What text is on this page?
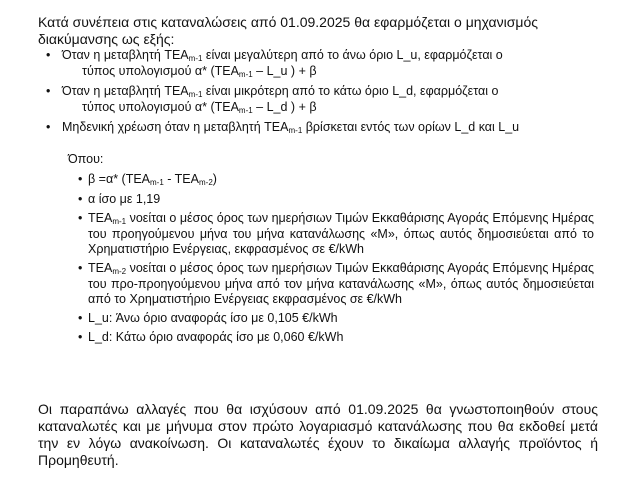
Κατά συνέπεια στις καταναλώσεις από 01.09.2025 θα εφαρμόζεται ο μηχανισμός διακύμανσης ως εξής:

• Όταν η μεταβλητή $TEA_{m-1}$ είναι μεγαλύτερη από το άνω όριο L_u, εφαρμόζεται ο
τύπος υπολογισμού α* ($TEA_{m-1}$ – L_u ) + β
• Όταν η μεταβλητή $TEA_{m-1}$ είναι μικρότερη από το κάτω όριο L_d, εφαρμόζεται ο
τύπος υπολογισμού α* ($TEA_{m-1}$ – L_d ) + β
• Μηδενική χρέωση όταν η μεταβλητή $TEA_{m-1}$ βρίσκεται εντός των ορίων L_d και L_u

Όπου:

• β =α* $(TEA_{m-1} - TEA_{m-2})$
• α ίσο με 1,19
• $TEA_{m-1}$ νοείται ο μέσος όρος των ημερήσιων Τιμών Εκκαθάρισης Αγοράς Επόμενης Ημέρας του προηγούμενου μήνα του μήνα κατανάλωσης «Μ», όπως αυτός δημοσιεύεται από το Χρηματιστήριο Ενέργειας, εκφρασμένος σε €/kWh
• $TEA_{m-2}$ νοείται ο μέσος όρος των ημερήσιων Τιμών Εκκαθάρισης Αγοράς Επόμενης Ημέρας του προ-προηγούμενου μήνα από τον μήνα κατανάλωσης «Μ», όπως αυτός δημοσιεύεται από το Χρηματιστήριο Ενέργειας εκφρασμένος σε €/kWh
• L_u: Άνω όριο αναφοράς ίσο με 0,105 €/kWh
• L_d: Κάτω όριο αναφοράς ίσο με 0,060 €/kWh

Οι παραπάνω αλλαγές που θα ισχύσουν από 01.09.2025 θα γνωστοποιηθούν στους καταναλωτές και με μήνυμα στον πρώτο λογαριασμό κατανάλωσης που θα εκδοθεί μετά την εν λόγω ανακοίνωση. Οι καταναλωτές έχουν το δικαίωμα αλλαγής προϊόντος ή Προμηθευτή.
